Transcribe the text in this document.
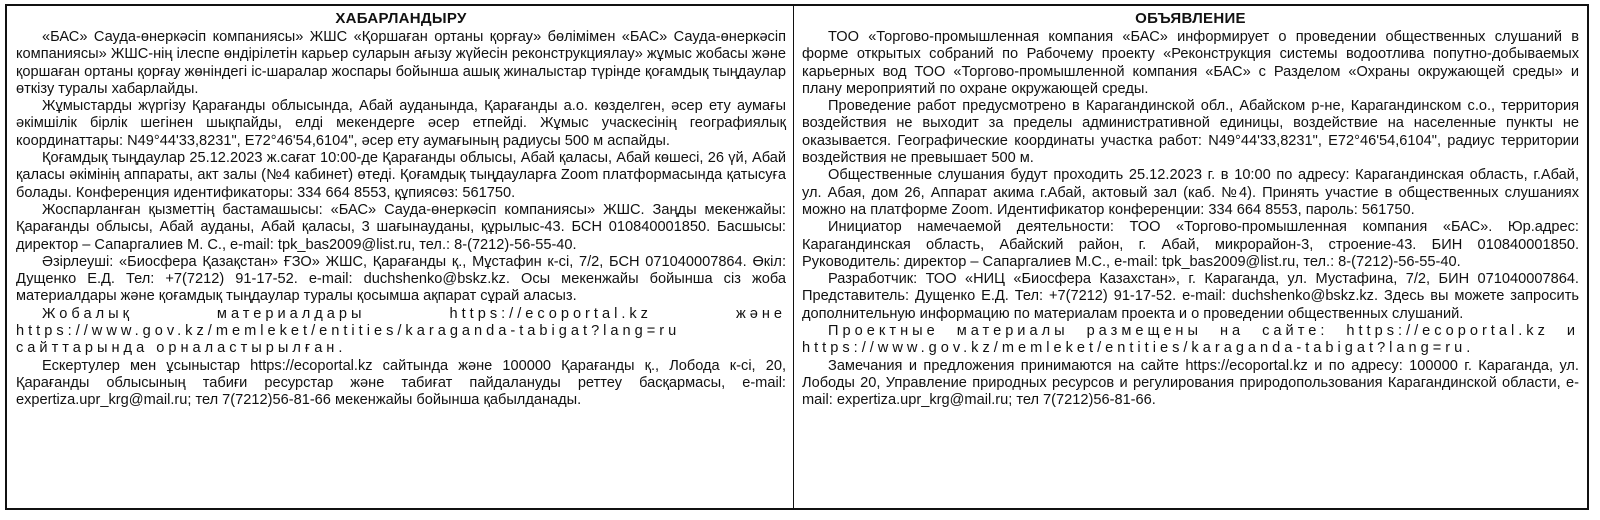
ХАБАРЛАНДЫРУ

«БАС» Сауда-өнеркәсіп компаниясы» ЖШС «Қоршаған ортаны қорғау» бөлімімен «БАС» Сауда-өнеркәсіп компаниясы» ЖШС-нің ілеспе өндірілетін карьер суларын ағызу жүйесін реконструкциялау» жұмыс жобасы және қоршаған ортаны қорғау жөніндегі іс-шаралар жоспары бойынша ашық жиналыстар түрінде қоғамдық тыңдаулар өткізу туралы хабарлайды.

Жұмыстарды жүргізу Қарағанды облысында, Абай ауданында, Қарағанды а.о. көзделген, әсер ету аумағы әкімшілік бірлік шегінен шықпайды, елді мекендерге әсер етпейді. Жұмыс учаскесінің географиялық координаттары: N49°44'33,8231", E72°46'54,6104", әсер ету аумағының радиусы 500 м аспайды.

Қоғамдық тыңдаулар 25.12.2023 ж.сағат 10:00-де Қарағанды облысы, Абай қаласы, Абай көшесі, 26 үй, Абай қаласы әкімінің аппараты, акт залы (№4 кабинет) өтеді. Қоғамдық тыңдауларға Zoom платформасында қатысуға болады. Конференция идентификаторы: 334 664 8553, құпиясөз: 561750.

Жоспарланған қызметтің бастамашысы: «БАС» Сауда-өнеркәсіп компаниясы» ЖШС. Заңды мекенжайы: Қарағанды облысы, Абай ауданы, Абай қаласы, 3 шағынауданы, құрылыс-43. БСН 010840001850. Басшысы: директор – Сапаргалиев М. С., e-mail: tpk_bas2009@list.ru, тел.: 8-(7212)-56-55-40.

Әзірлеуші: «Биосфера Қазақстан» ҒЗО» ЖШС, Қарағанды қ., Мұстафин к-сі, 7/2, БСН 071040007864. Өкіл: Дущенко Е.Д. Тел: +7(7212) 91-17-52. e-mail: duchshenko@bskz.kz. Осы мекенжайы бойынша сіз жоба материалдары және қоғамдық тыңдаулар туралы қосымша ақпарат сұрай аласыз.

Жобалық материалдары https://ecoportal.kz және https://www.gov.kz/memleket/entities/karaganda-tabigat?lang=ru сайттарында орналастырылған.

Ескертулер мен ұсыныстар https://ecoportal.kz сайтында және 100000 Қарағанды қ., Лобода к-сі, 20, Қарағанды облысының табиғи ресурстар және табиғат пайдалануды реттеу басқармасы, e-mail: expertiza.upr_krg@mail.ru; тел 7(7212)56-81-66 мекенжайы бойынша қабылданады.

ОБЪЯВЛЕНИЕ

ТОО «Торгово-промышленная компания «БАС» информирует о проведении общественных слушаний в форме открытых собраний по Рабочему проекту «Реконструкция системы водоотлива попутно-добываемых карьерных вод ТОО «Торгово-промышленной компания «БАС» с Разделом «Охраны окружающей среды» и плану мероприятий по охране окружающей среды.

Проведение работ предусмотрено в Карагандинской обл., Абайском р-не, Карагандинском с.о., территория воздействия не выходит за пределы административной единицы, воздействие на населенные пункты не оказывается. Географические координаты участка работ: N49°44'33,8231", E72°46'54,6104", радиус территории воздействия не превышает 500 м.

Общественные слушания будут проходить 25.12.2023 г. в 10:00 по адресу: Карагандинская область, г.Абай, ул. Абая, дом 26, Аппарат акима г.Абай, актовый зал (каб. №4). Принять участие в общественных слушаниях можно на платформе Zoom. Идентификатор конференции: 334 664 8553, пароль: 561750.

Инициатор намечаемой деятельности: ТОО «Торгово-промышленная компания «БАС». Юр.адрес: Карагандинская область, Абайский район, г. Абай, микрорайон-3, строение-43. БИН 010840001850. Руководитель: директор – Сапаргалиев М.С., e-mail: tpk_bas2009@list.ru, тел.: 8-(7212)-56-55-40.

Разработчик: ТОО «НИЦ «Биосфера Казахстан», г. Караганда, ул. Мустафина, 7/2, БИН 071040007864. Представитель: Дущенко Е.Д. Тел: +7(7212) 91-17-52. e-mail: duchshenko@bskz.kz. Здесь вы можете запросить дополнительную информацию по материалам проекта и о проведении общественных слушаний.

Проектные материалы размещены на сайте: https://ecoportal.kz и https://www.gov.kz/memleket/entities/karaganda-tabigat?lang=ru.

Замечания и предложения принимаются на сайте https://ecoportal.kz и по адресу: 100000 г. Караганда, ул. Лободы 20, Управление природных ресурсов и регулирования природопользования Карагандинской области, e-mail: expertiza.upr_krg@mail.ru; тел 7(7212)56-81-66.
